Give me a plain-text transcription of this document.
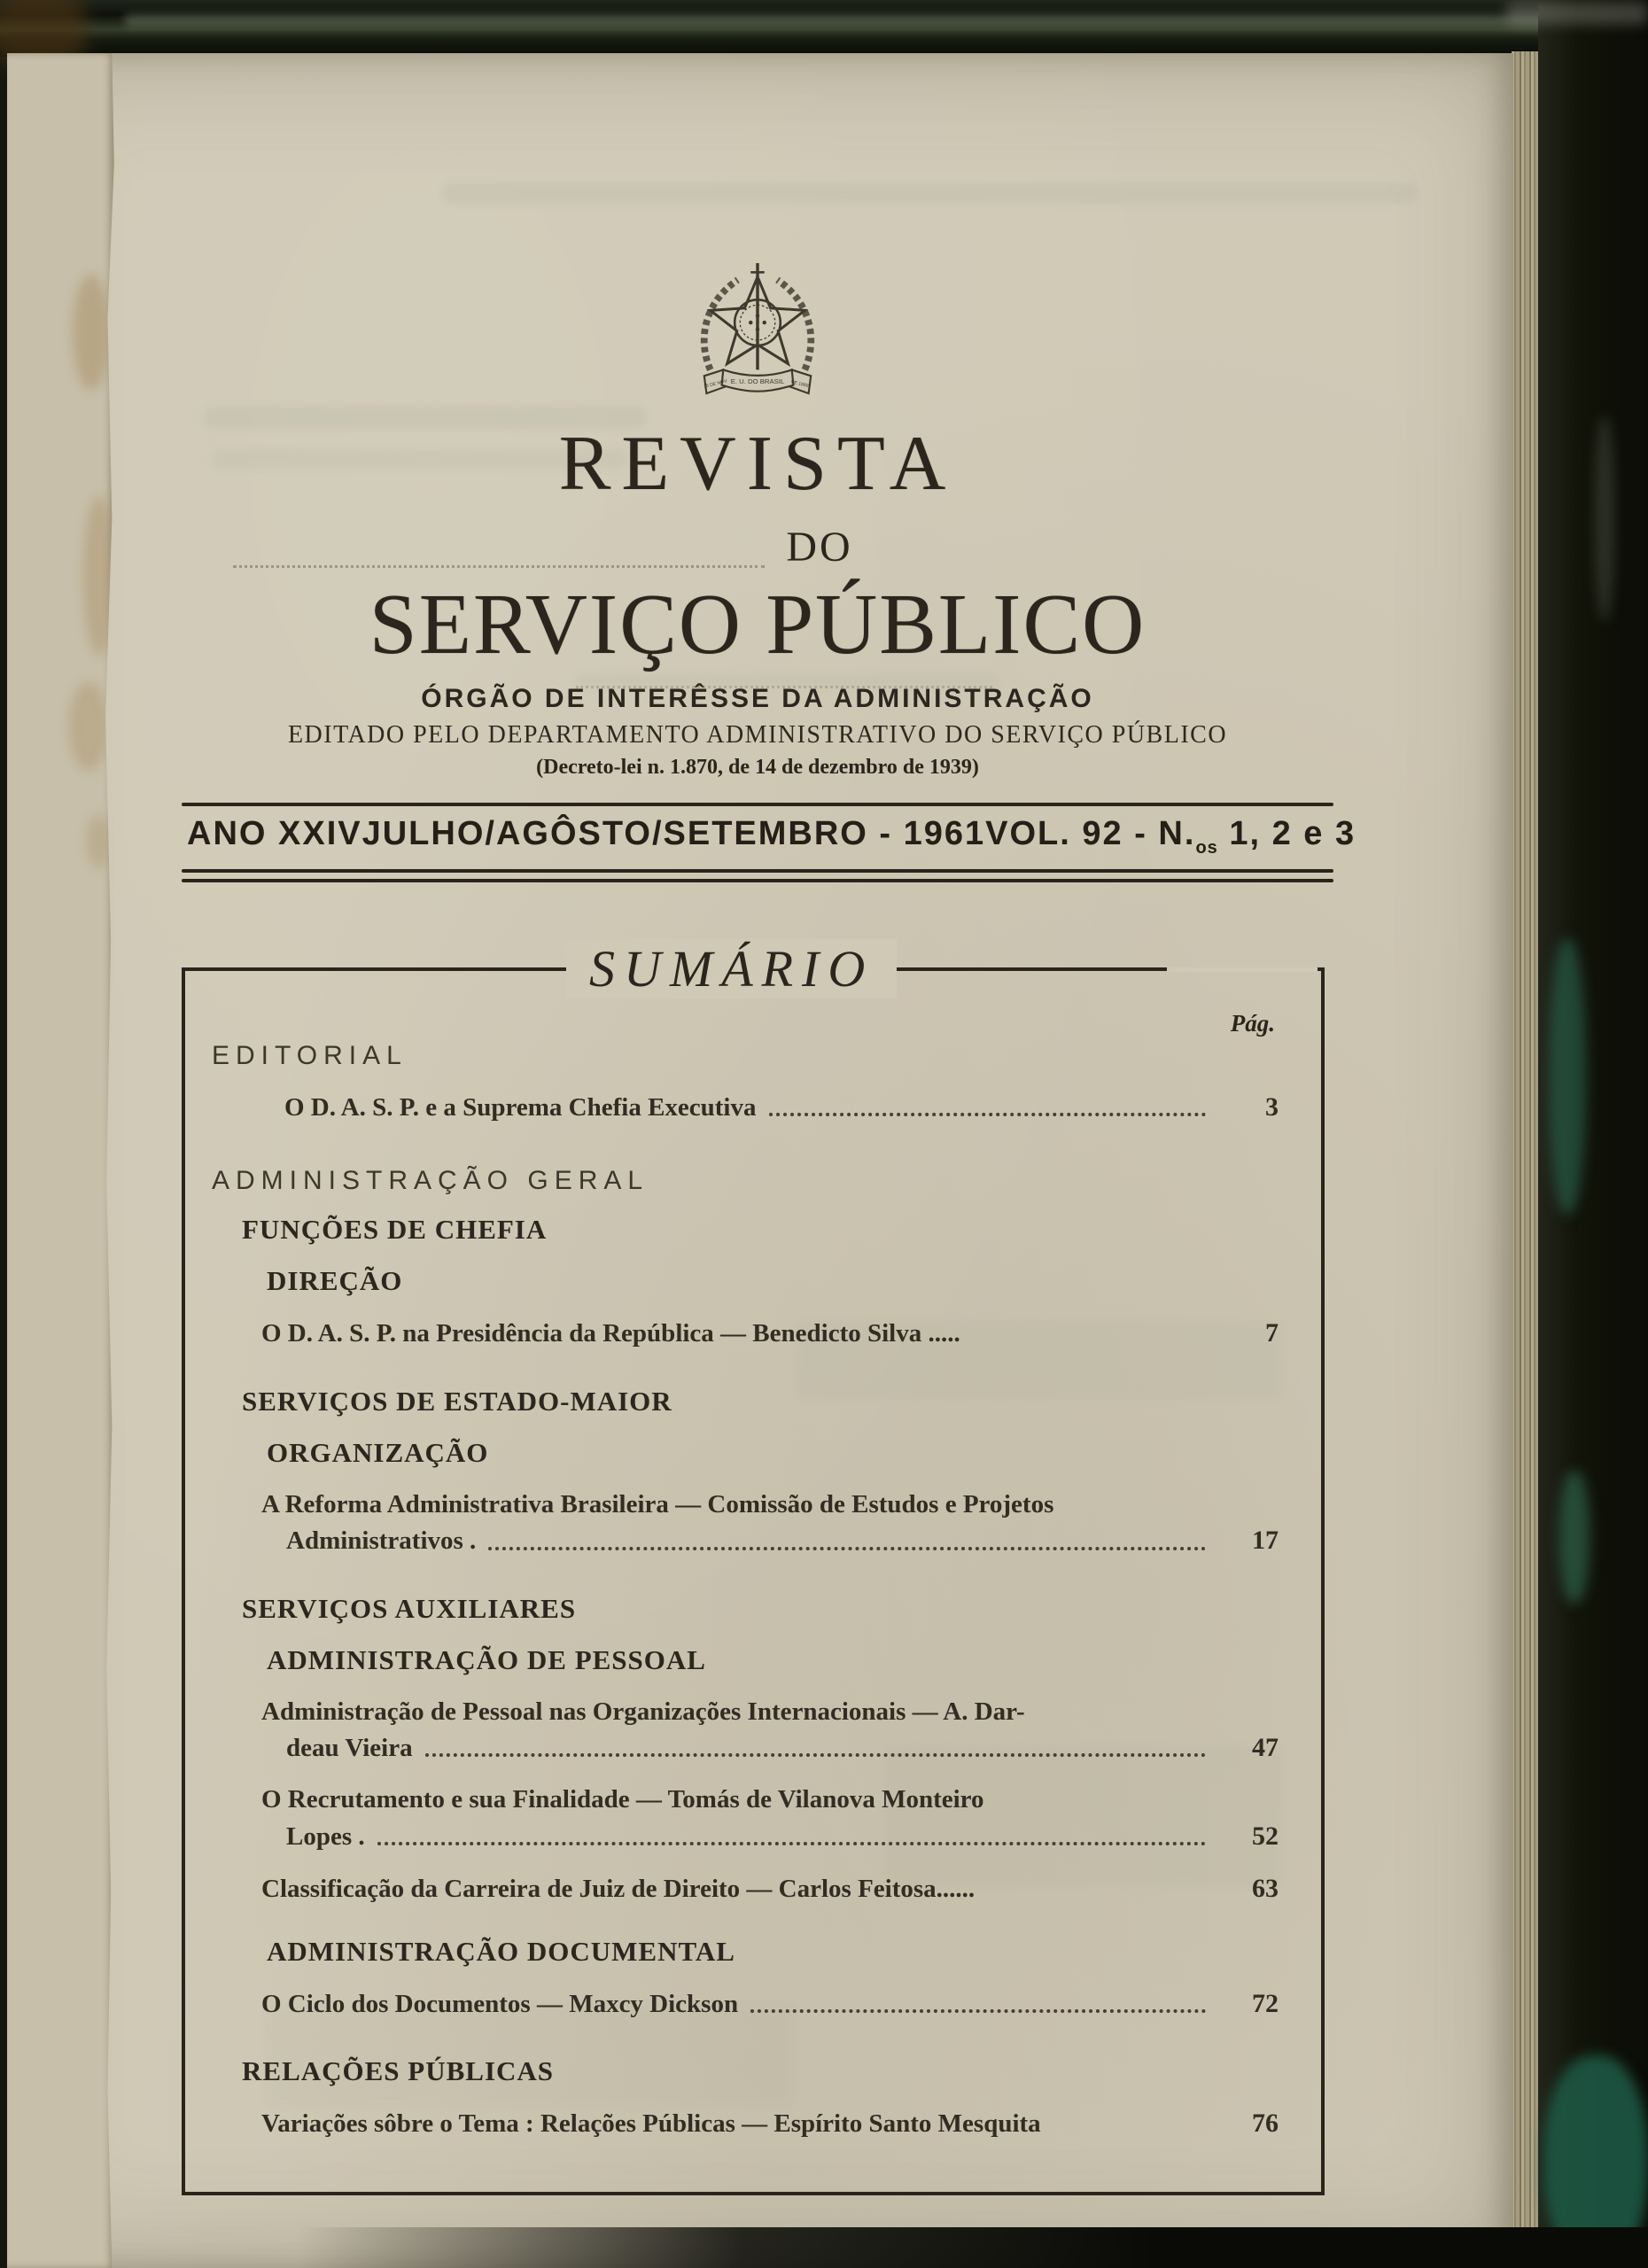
E. U. DO BRASIL
15 DE NOV	DE 1889
REVISTA
DO
SERVIÇO PÚBLICO
ÓRGÃO DE INTERÊSSE DA ADMINISTRAÇÃO
EDITADO PELO DEPARTAMENTO ADMINISTRATIVO DO SERVIÇO PÚBLICO
(Decreto-lei n. 1.870, de 14 de dezembro de 1939)
ANO XXIV JULHO/AGÔSTO/SETEMBRO - 1961 VOL. $92 - N._{os}$ 1, 2 e 3
SUMÁRIO
Pág.
EDITORIAL
O D. A. S. P. e a Suprema Chefia Executiva	3
ADMINISTRAÇÃO GERAL
FUNÇÕES DE CHEFIA
DIREÇÃO
O D. A. S. P. na Presidência da República — Benedicto Silva .....	7
SERVIÇOS DE ESTADO-MAIOR
ORGANIZAÇÃO
A Reforma Administrativa Brasileira — Comissão de Estudos e Projetos
Administrativos .	17
SERVIÇOS AUXILIARES
ADMINISTRAÇÃO DE PESSOAL
Administração de Pessoal nas Organizações Internacionais — A. Dar-
deau Vieira	47
O Recrutamento e sua Finalidade — Tomás de Vilanova Monteiro
Lopes .	52
Classificação da Carreira de Juiz de Direito — Carlos Feitosa......	63
ADMINISTRAÇÃO DOCUMENTAL
O Ciclo dos Documentos — Maxcy Dickson	72
RELAÇÕES PÚBLICAS
Variações sôbre o Tema : Relações Públicas — Espírito Santo Mesquita	76
